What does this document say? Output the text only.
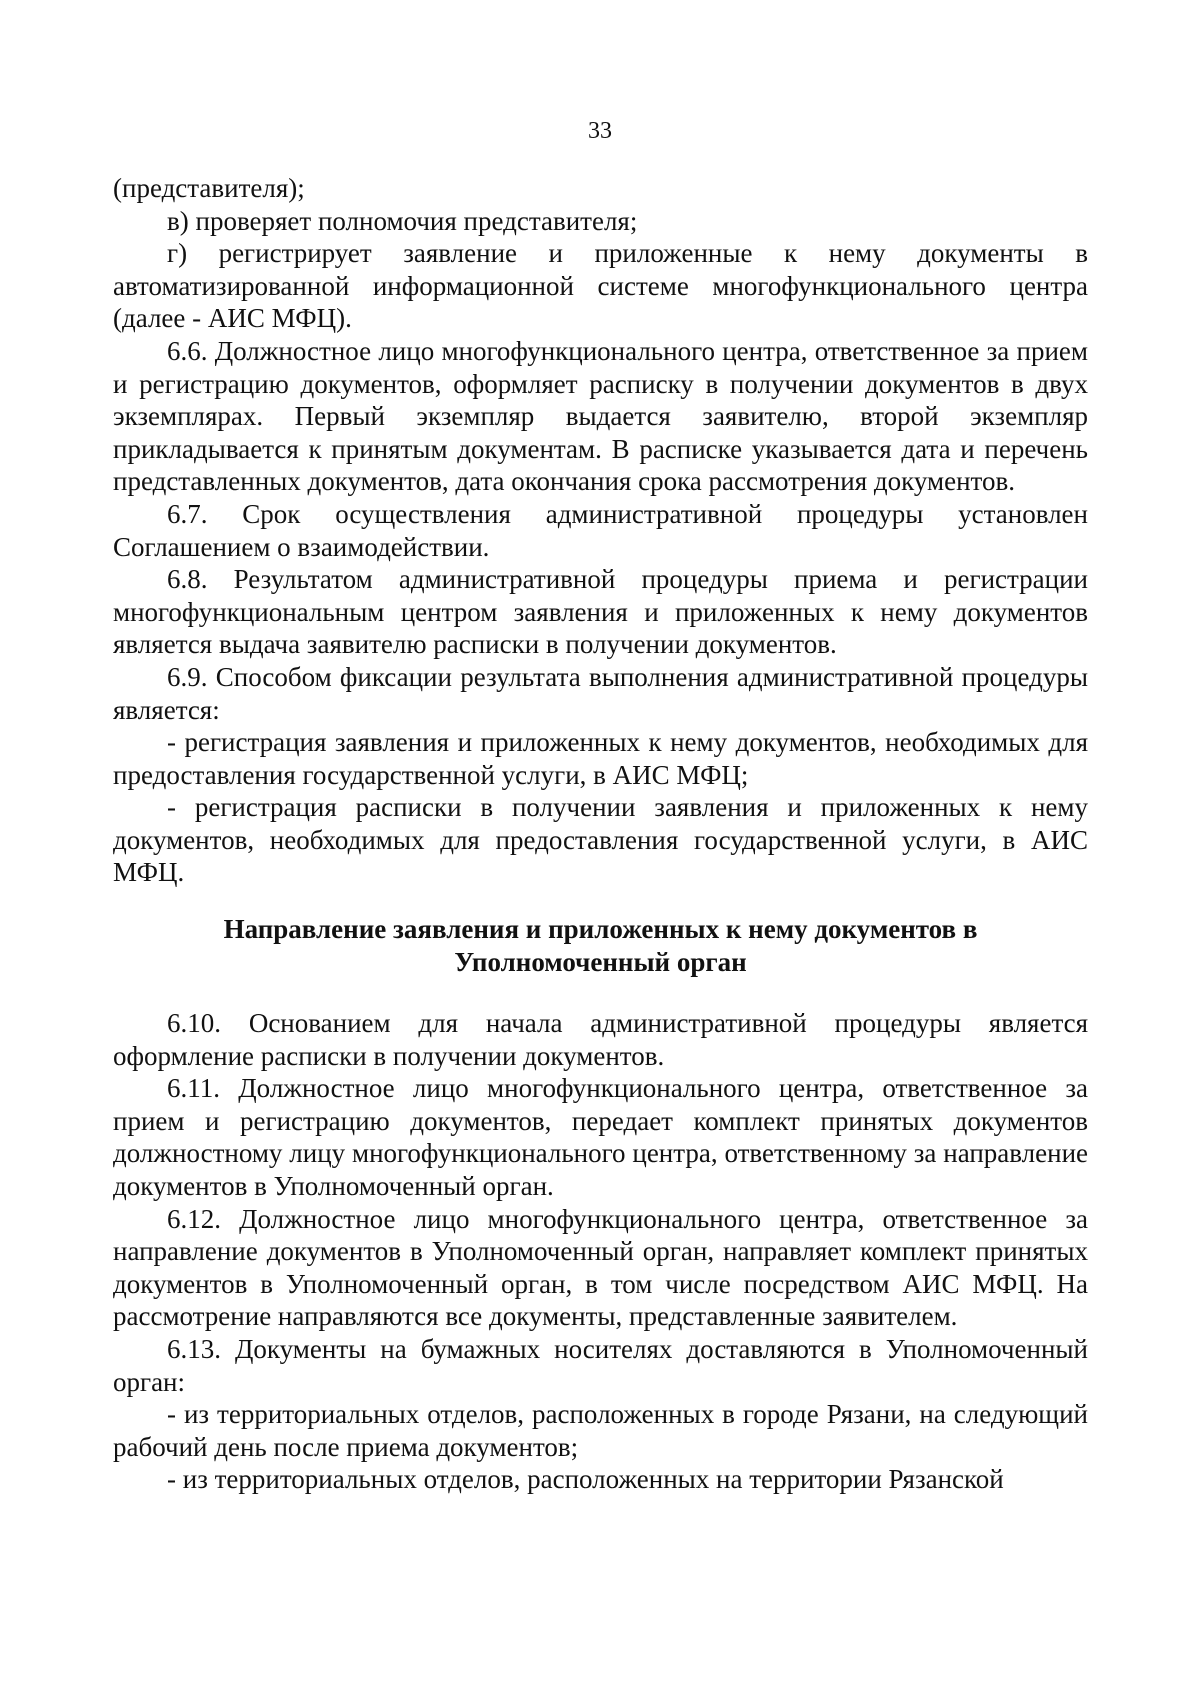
33

(представителя);

в) проверяет полномочия представителя;

г) регистрирует заявление и приложенные к нему документы в автоматизированной информационной системе многофункционального центра (далее - АИС МФЦ).

6.6. Должностное лицо многофункционального центра, ответственное за прием и регистрацию документов, оформляет расписку в получении документов в двух экземплярах. Первый экземпляр выдается заявителю, второй экземпляр прикладывается к принятым документам. В расписке указывается дата и перечень представленных документов, дата окончания срока рассмотрения документов.

6.7. Срок осуществления административной процедуры установлен Соглашением о взаимодействии.

6.8. Результатом административной процедуры приема и регистрации многофункциональным центром заявления и приложенных к нему документов является выдача заявителю расписки в получении документов.

6.9. Способом фиксации результата выполнения административной процедуры является:

- регистрация заявления и приложенных к нему документов, необходимых для предоставления государственной услуги, в АИС МФЦ;

- регистрация расписки в получении заявления и приложенных к нему документов, необходимых для предоставления государственной услуги, в АИС МФЦ.

Направление заявления и приложенных к нему документов в
Уполномоченный орган

6.10. Основанием для начала административной процедуры является оформление расписки в получении документов.

6.11. Должностное лицо многофункционального центра, ответственное за прием и регистрацию документов, передает комплект принятых документов должностному лицу многофункционального центра, ответственному за направление документов в Уполномоченный орган.

6.12. Должностное лицо многофункционального центра, ответственное за направление документов в Уполномоченный орган, направляет комплект принятых документов в Уполномоченный орган, в том числе посредством АИС МФЦ. На рассмотрение направляются все документы, представленные заявителем.

6.13. Документы на бумажных носителях доставляются в Уполномоченный орган:

- из территориальных отделов, расположенных в городе Рязани, на следующий рабочий день после приема документов;

- из территориальных отделов, расположенных на территории Рязанской
